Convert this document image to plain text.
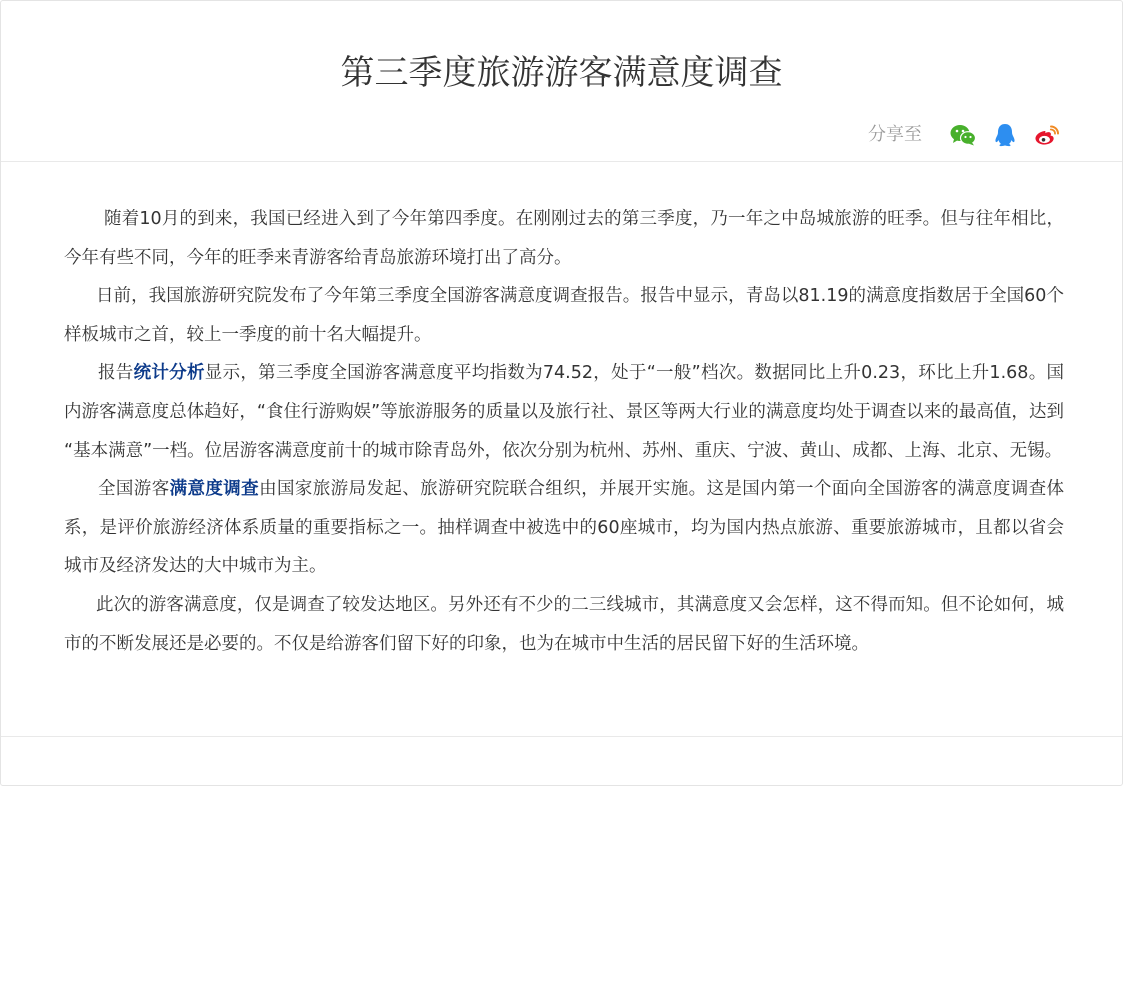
第三季度旅游游客满意度调查
分享至

随着10月的到来，我国已经进入到了今年第四季度。在刚刚过去的第三季度，乃一年之中岛城旅游的旺季。但与往年相比，今年有些不同，今年的旺季来青游客给青岛旅游环境打出了高分。

日前，我国旅游研究院发布了今年第三季度全国游客满意度调查报告。报告中显示，青岛以81.19的满意度指数居于全国60个样板城市之首，较上一季度的前十名大幅提升。

报告统计分析显示，第三季度全国游客满意度平均指数为74.52，处于“一般”档次。数据同比上升0.23，环比上升1.68。国内游客满意度总体趋好，“食住行游购娱”等旅游服务的质量以及旅行社、景区等两大行业的满意度均处于调查以来的最高值，达到 “基本满意”一档。位居游客满意度前十的城市除青岛外，依次分别为杭州、苏州、重庆、宁波、黄山、成都、上海、北京、无锡。

全国游客满意度调查由国家旅游局发起、旅游研究院联合组织，并展开实施。这是国内第一个面向全国游客的满意度调查体系，是评价旅游经济体系质量的重要指标之一。抽样调查中被选中的60座城市，均为国内热点旅游、重要旅游城市，且都以省会城市及经济发达的大中城市为主。

此次的游客满意度，仅是调查了较发达地区。另外还有不少的二三线城市，其满意度又会怎样，这不得而知。但不论如何，城市的不断发展还是必要的。不仅是给游客们留下好的印象，也为在城市中生活的居民留下好的生活环境。
